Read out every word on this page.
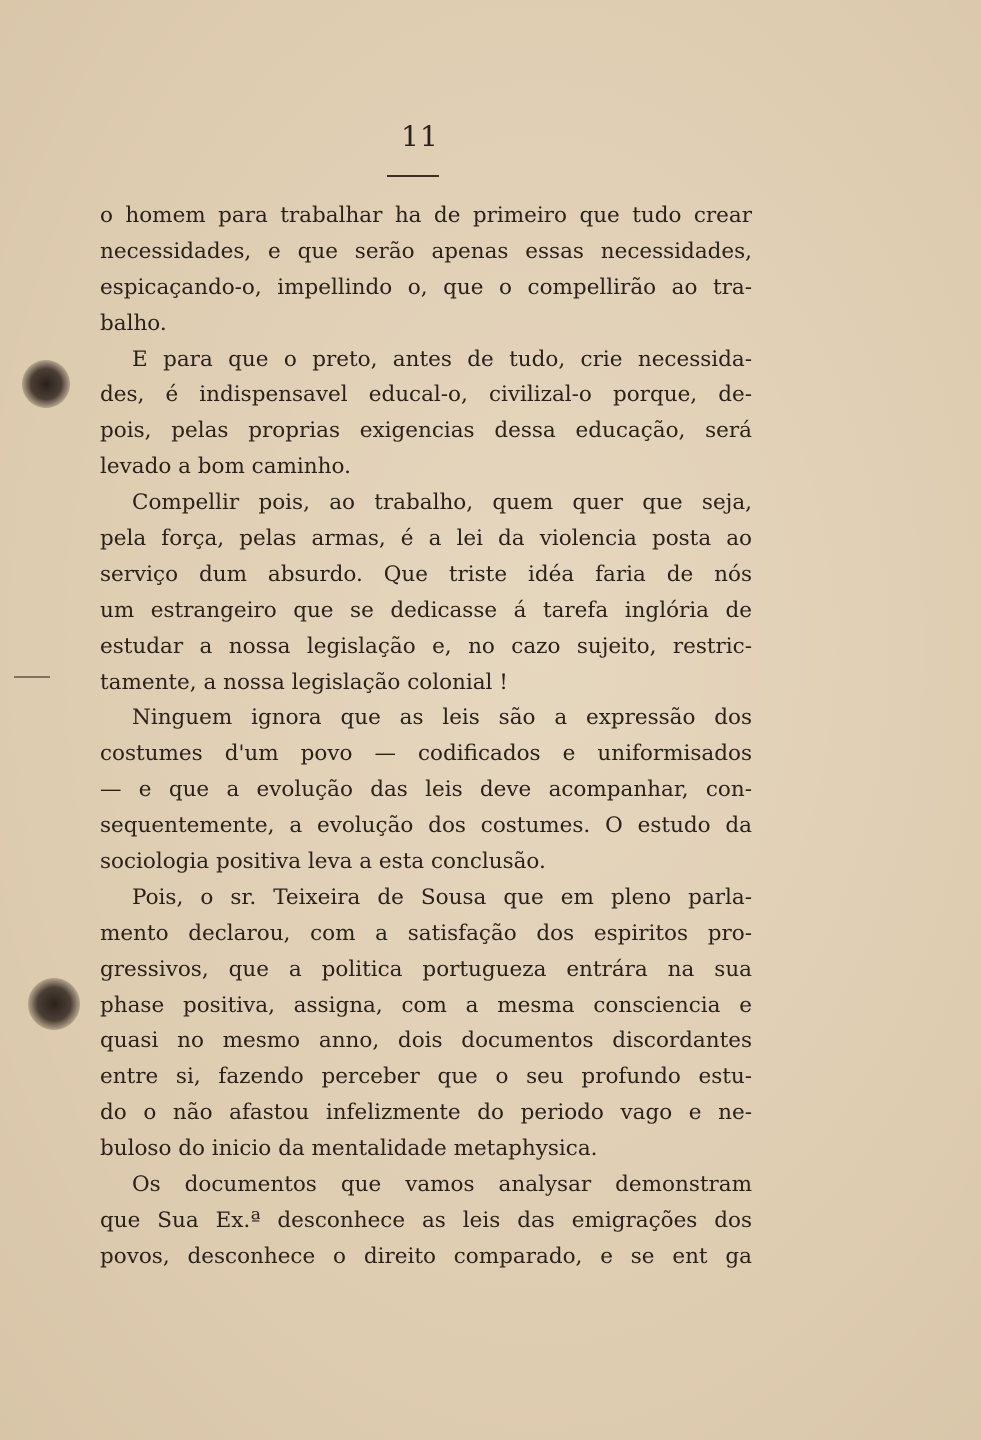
11
o homem para trabalhar ha de primeiro que tudo crear
necessidades, e que serão apenas essas necessidades,
espicaçando-o, impellindo o, que o compellirão ao tra-
balho.
E para que o preto, antes de tudo, crie necessida-
des, é indispensavel educal-o, civilizal-o porque, de-
pois, pelas proprias exigencias dessa educação, será
levado a bom caminho.
Compellir pois, ao trabalho, quem quer que seja,
pela força, pelas armas, é a lei da violencia posta ao
serviço dum absurdo. Que triste idéa faria de nós
um estrangeiro que se dedicasse á tarefa inglória de
estudar a nossa legislação e, no cazo sujeito, restric-
tamente, a nossa legislação colonial !
Ninguem ignora que as leis são a expressão dos
costumes d'um povo — codificados e uniformisados
— e que a evolução das leis deve acompanhar, con-
sequentemente, a evolução dos costumes. O estudo da
sociologia positiva leva a esta conclusão.
Pois, o sr. Teixeira de Sousa que em pleno parla-
mento declarou, com a satisfação dos espiritos pro-
gressivos, que a politica portugueza entrára na sua
phase positiva, assigna, com a mesma consciencia e
quasi no mesmo anno, dois documentos discordantes
entre si, fazendo perceber que o seu profundo estu-
do o não afastou infelizmente do periodo vago e ne-
buloso do inicio da mentalidade metaphysica.
Os documentos que vamos analysar demonstram
que Sua Ex.ª desconhece as leis das emigrações dos
povos, desconhece o direito comparado, e se ent ga
